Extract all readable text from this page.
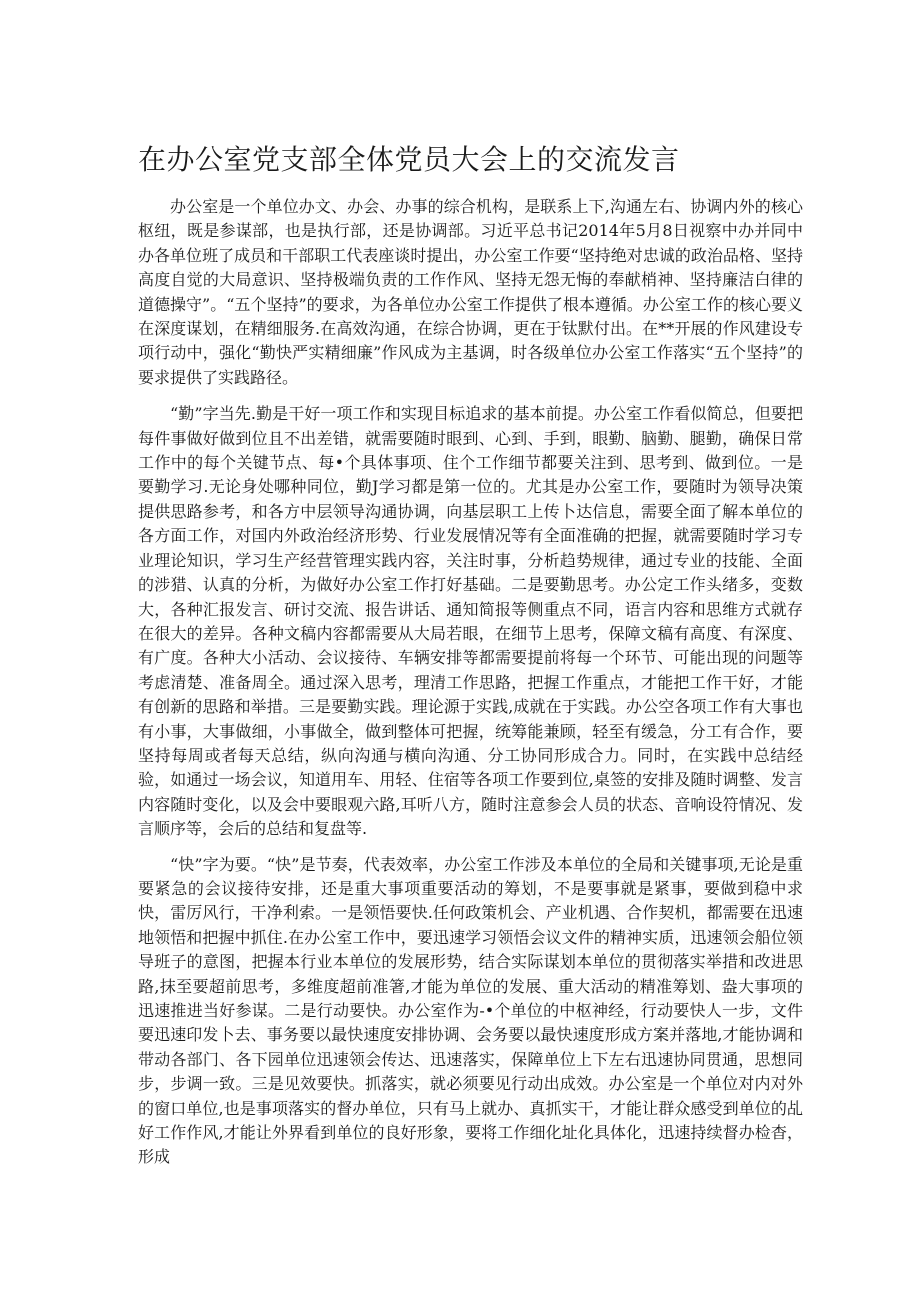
在办公室党支部全体党员大会上的交流发言

办公室是一个单位办文、办会、办事的综合机构，是联系上下,沟通左右、协调内外的核心枢纽，既是参谋部，也是执行部，还是协调部。习近平总书记2014年5月8日视察中办并同中办各单位班了成员和干部职工代表座谈时提出，办公室工作要“坚持绝对忠诚的政治品格、坚持高度自觉的大局意识、坚持极端负责的工作作风、坚持无怨无悔的奉献梢神、坚持廉洁白律的道德操守”。“五个坚持”的要求，为各单位办公室工作提供了根本遵循。办公室工作的核心要义在深度谋划，在精细服务.在高效沟通，在综合协调，更在于钛默付出。在**开展的作风建设专项行动中，强化“勤快严实精细廉”作风成为主基调，时各级单位办公室工作落实“五个坚持”的要求提供了实践路径。

“勤”字当先.勤是干好一项工作和实现目标追求的基本前提。办公室工作看似简总，但要把每件事做好做到位且不出差错，就需要随时眼到、心到、手到，眼勤、脑勤、腿勤，确保日常工作中的每个关键节点、每•个具体事项、住个工作细节都要关注到、思考到、做到位。一是要勤学习.无论身处哪种同位，勤J学习都是第一位的。尤其是办公室工作，要随时为领导决策提供思路参考，和各方中层领导沟通协调，向基层职工上传卜达信息，需要全面了解本单位的各方面工作，对国内外政治经济形势、行业发展情况等有全面准确的把握，就需要随时学习专业理论知识，学习生产经营管理实践内容，关注时事，分析趋势规律，通过专业的技能、全面的涉猎、认真的分析，为做好办公室工作打好基础。二是要勤思考。办公定工作头绪多，变数大，各种汇报发言、研讨交流、报告讲话、通知简报等侧重点不同，语言内容和思维方式就存在很大的差异。各种文稿内容都需要从大局若眼，在细节上思考，保障文稿有高度、有深度、有广度。各种大小活动、会议接待、车辆安排等都需要提前将每一个环节、可能出现的问题等考虑清楚、准备周全。通过深入思考，理清工作思路，把握工作重点，才能把工作干好，才能有创新的思路和举措。三是要勤实践。理论源于实践,成就在于实践。办公空各项工作有大事也有小事，大事做细，小事做全，做到整体可把握，统筹能兼顾，轻至有缓急，分工有合作，要坚持每周或者每天总结，纵向沟通与横向沟通、分工协同形成合力。同时，在实践中总结经验，如通过一场会议，知道用车、用轻、住宿等各项工作要到位,桌签的安排及随时调整、发言内容随时变化，以及会中要眼观六路,耳听八方，随时注意参会人员的状态、音响设符情况、发言顺序等，会后的总结和复盘等.

“快”字为要。“快”是节奏，代表效率，办公室工作涉及本单位的全局和关键事项,无论是重要紧急的会议接待安排，还是重大事项重要活动的筹划，不是要事就是紧事，要做到稳中求快，雷厉风行，干净利索。一是领悟要快.任何政策机会、产业机遇、合作契机，都需要在迅速地领悟和把握中抓住.在办公室工作中，要迅速学习领悟会议文件的精神实质，迅速领会船位领导班子的意图，把握本行业本单位的发展形势，结合实际谋划本单位的贯彻落实举措和改进思路,抹至要超前思考，多维度超前准箸,才能为单位的发展、重大活动的精准筹划、盎大事项的迅速推进当好参谋。二是行动要快。办公室作为-•个单位的中枢神经，行动要快人一步，文件要迅速印发卜去、事务要以最快速度安排协调、会务要以最快速度形成方案并落地,才能协调和带动各部门、各下园单位迅速领会传达、迅速落实，保障单位上下左右迅速协同贯通，思想同步，步调一致。三是见效要快。抓落实，就必须要见行动出成效。办公室是一个单位对内对外的窗口单位,也是事项落实的督办单位，只有马上就办、真抓实干，才能让群众感受到单位的乩好工作作风,才能让外界看到单位的良好形象，要将工作细化址化具体化，迅速持续督办检杳，形成
